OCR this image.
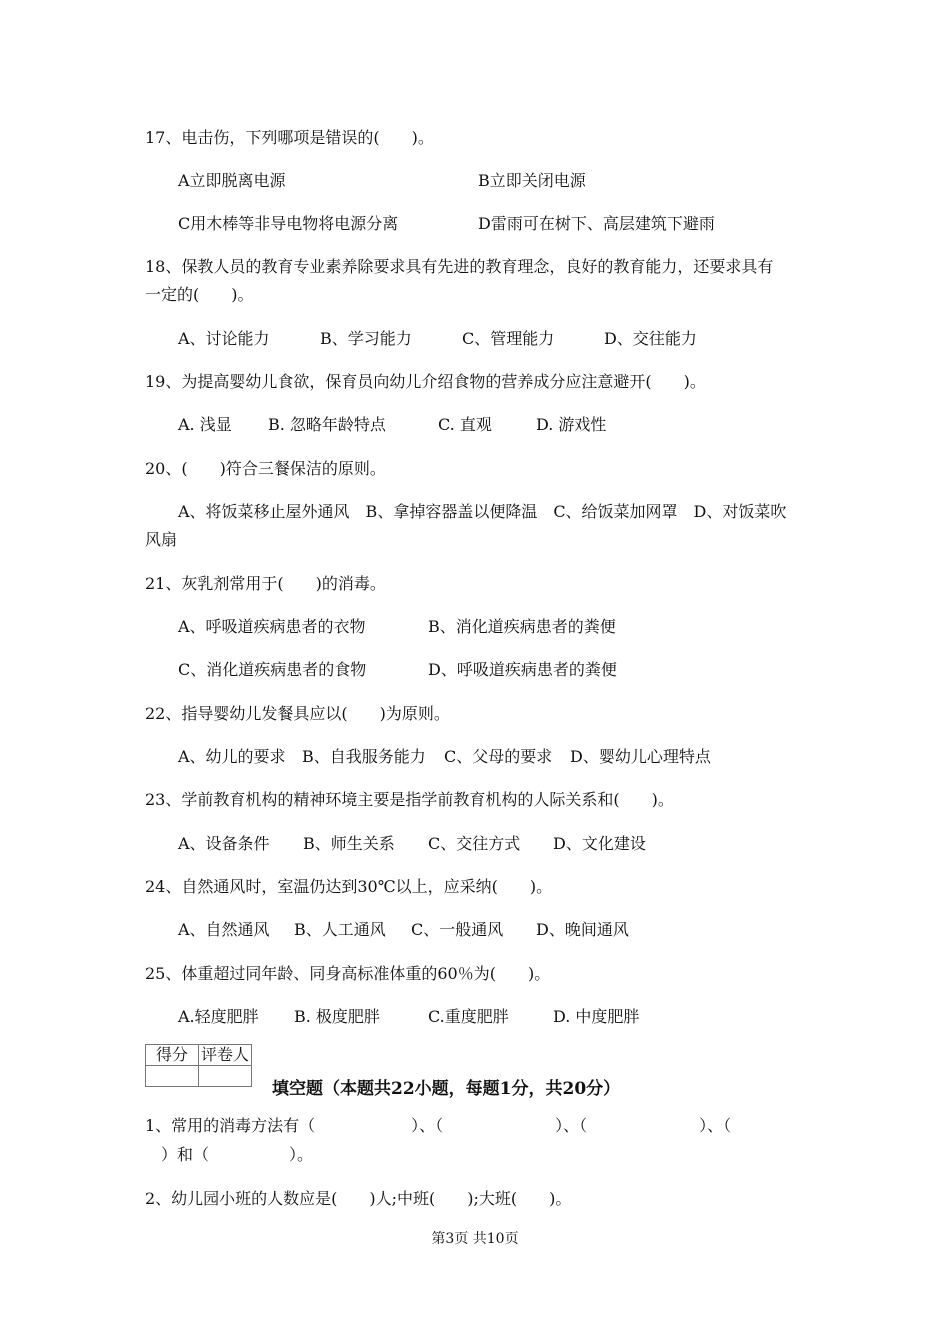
17、电击伤，下列哪项是错误的(　　)。
A立即脱离电源	B立即关闭电源
C用木棒等非导电物将电源分离	D雷雨可在树下、高层建筑下避雨
18、保教人员的教育专业素养除要求具有先进的教育理念，良好的教育能力，还要求具有
一定的(　　)。
A、讨论能力	B、学习能力	C、管理能力	D、交往能力
19、为提高婴幼儿食欲，保育员向幼儿介绍食物的营养成分应注意避开(　　)。
A. 浅显 B. 忽略年龄特点	C. 直观	D. 游戏性
20、(　　)符合三餐保洁的原则。
A、将饭菜移止屋外通风　B、拿掉容器盖以便降温　C、给饭菜加网罩　D、对饭菜吹
风扇
21、灰乳剂常用于(　　)的消毒。
A、呼吸道疾病患者的衣物	B、消化道疾病患者的粪便
C、消化道疾病患者的食物	D、呼吸道疾病患者的粪便
22、指导婴幼儿发餐具应以(　　)为原则。
A、幼儿的要求 B、自我服务能力 C、父母的要求 D、婴幼儿心理特点
23、学前教育机构的精神环境主要是指学前教育机构的人际关系和(　　)。
A、设备条件 B、师生关系 C、交往方式 D、文化建设
24、自然通风时，室温仍达到30℃以上，应采纳(　　)。
A、自然通风 B、人工通风 C、一般通风 D、晚间通风
25、体重超过同年龄、同身高标准体重的60％为(　　)。
A.轻度肥胖 B. 极度肥胖	C.重度肥胖	D. 中度肥胖
得分	评卷人

填空题（本题共22小题，每题1分，共20分）
1、常用的消毒方法有（　　　　　　）、（　　　　　　　）、（　　　　　　　）、（
　）和（　　　　　）。
2、幼儿园小班的人数应是(　　)人;中班(　　);大班(　　)。
第3页 共10页
